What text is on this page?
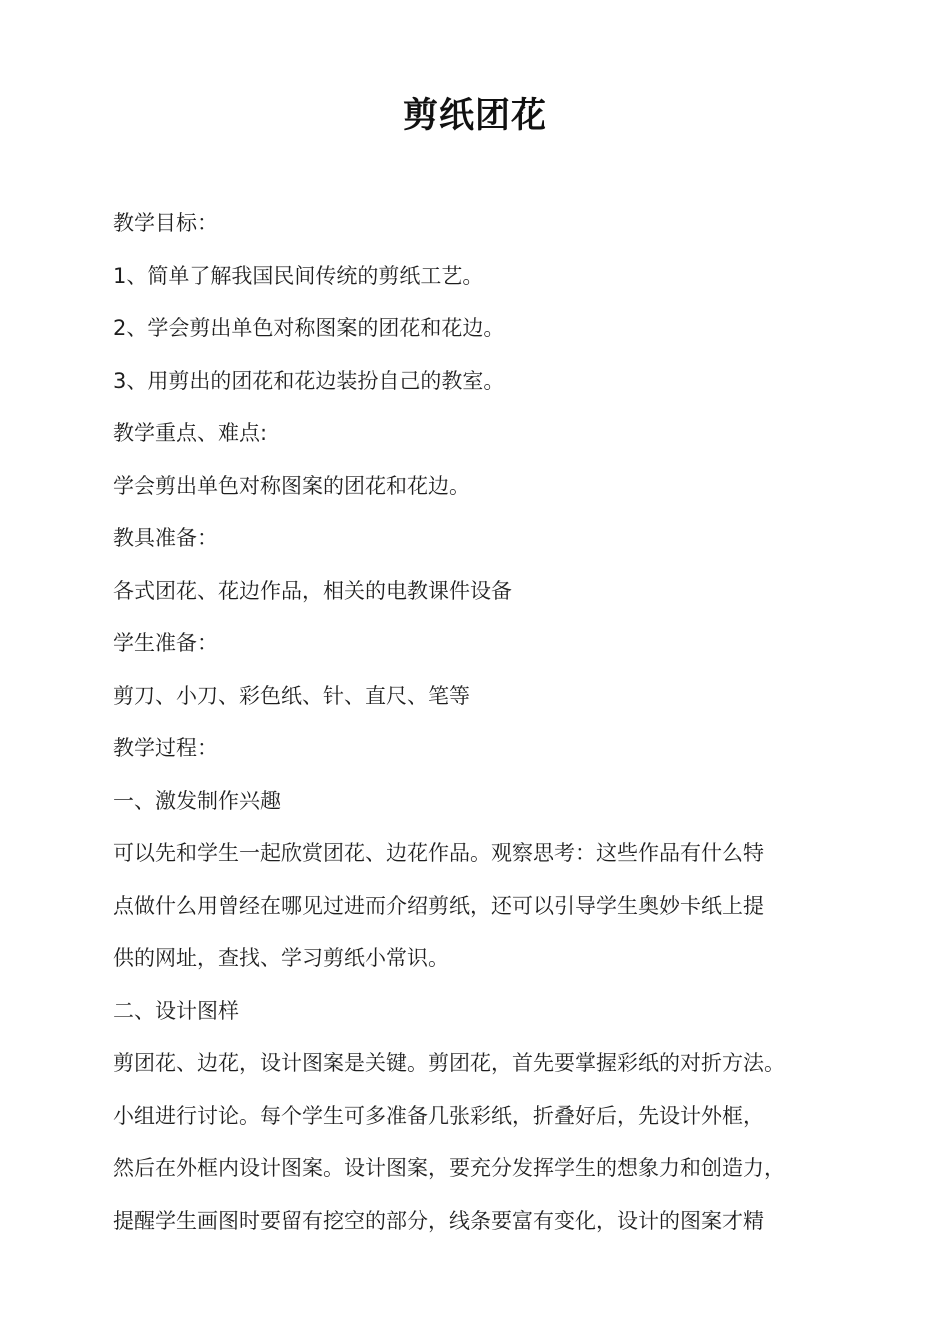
剪纸团花

教学目标：

1、简单了解我国民间传统的剪纸工艺。

2、学会剪出单色对称图案的团花和花边。

3、用剪出的团花和花边装扮自己的教室。

教学重点、难点:

学会剪出单色对称图案的团花和花边。

教具准备：

各式团花、花边作品，相关的电教课件设备

学生准备：

剪刀、小刀、彩色纸、针、直尺、笔等

教学过程：

一、激发制作兴趣

可以先和学生一起欣赏团花、边花作品。观察思考：这些作品有什么特

点做什么用曾经在哪见过进而介绍剪纸，还可以引导学生奥妙卡纸上提

供的网址，查找、学习剪纸小常识。

二、设计图样

剪团花、边花，设计图案是关键。剪团花，首先要掌握彩纸的对折方法。

小组进行讨论。每个学生可多准备几张彩纸，折叠好后，先设计外框，

然后在外框内设计图案。设计图案，要充分发挥学生的想象力和创造力，

提醒学生画图时要留有挖空的部分，线条要富有变化，设计的图案才精
